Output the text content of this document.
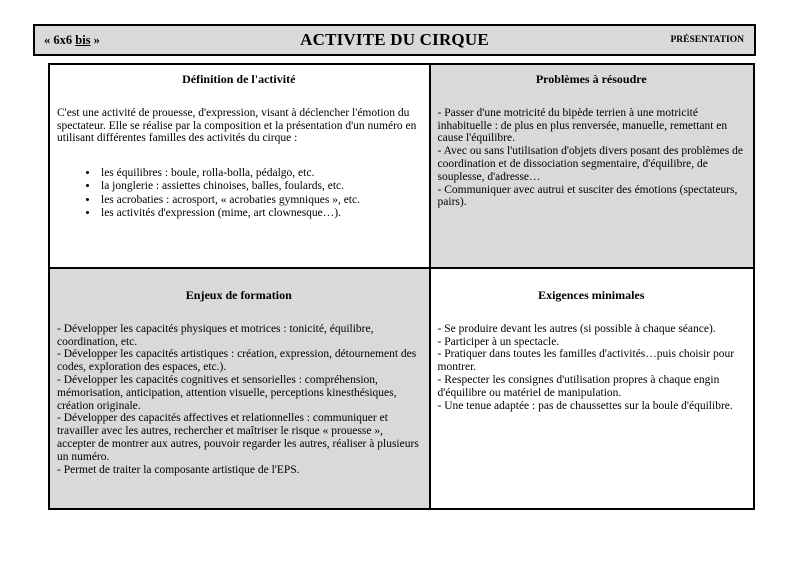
« 6x6 bis »	ACTIVITE DU CIRQUE	PRÉSENTATION
Définition de l'activité

C'est une activité de prouesse, d'expression, visant à déclencher l'émotion du spectateur. Elle se réalise par la composition et la présentation d'un numéro en utilisant différentes familles des activités du cirque :

• les équilibres : boule, rolla-bolla, pédalgo, etc.
• la jonglerie : assiettes chinoises, balles, foulards, etc.
• les acrobaties : acrosport, « acrobaties gymniques », etc.
• les activités d'expression (mime, art clownesque…).
Problèmes à résoudre

- Passer d'une motricité du bipède terrien à une motricité inhabituelle : de plus en plus renversée, manuelle, remettant en cause l'équilibre.

- Avec ou sans l'utilisation d'objets divers posant des problèmes de coordination et de dissociation segmentaire, d'équilibre, de souplesse, d'adresse…

- Communiquer avec autrui et susciter des émotions (spectateurs, pairs).

Enjeux de formation

- Développer les capacités physiques et motrices : tonicité, équilibre, coordination, etc.

- Développer les capacités artistiques : création, expression, détournement des codes, exploration des espaces, etc.).

- Développer les capacités cognitives et sensorielles : compréhension, mémorisation, anticipation, attention visuelle, perceptions kinesthésiques, création originale.

- Développer des capacités affectives et relationnelles : communiquer et travailler avec les autres, rechercher et maîtriser le risque « prouesse », accepter de montrer aux autres, pouvoir regarder les autres, réaliser à plusieurs un numéro.

- Permet de traiter la composante artistique de l'EPS.

Exigences minimales

- Se produire devant les autres (si possible à chaque séance).

- Participer à un spectacle.

- Pratiquer dans toutes les familles d'activités…puis choisir pour montrer.

- Respecter les consignes d'utilisation propres à chaque engin d'équilibre ou matériel de manipulation.

- Une tenue adaptée : pas de chaussettes sur la boule d'équilibre.
